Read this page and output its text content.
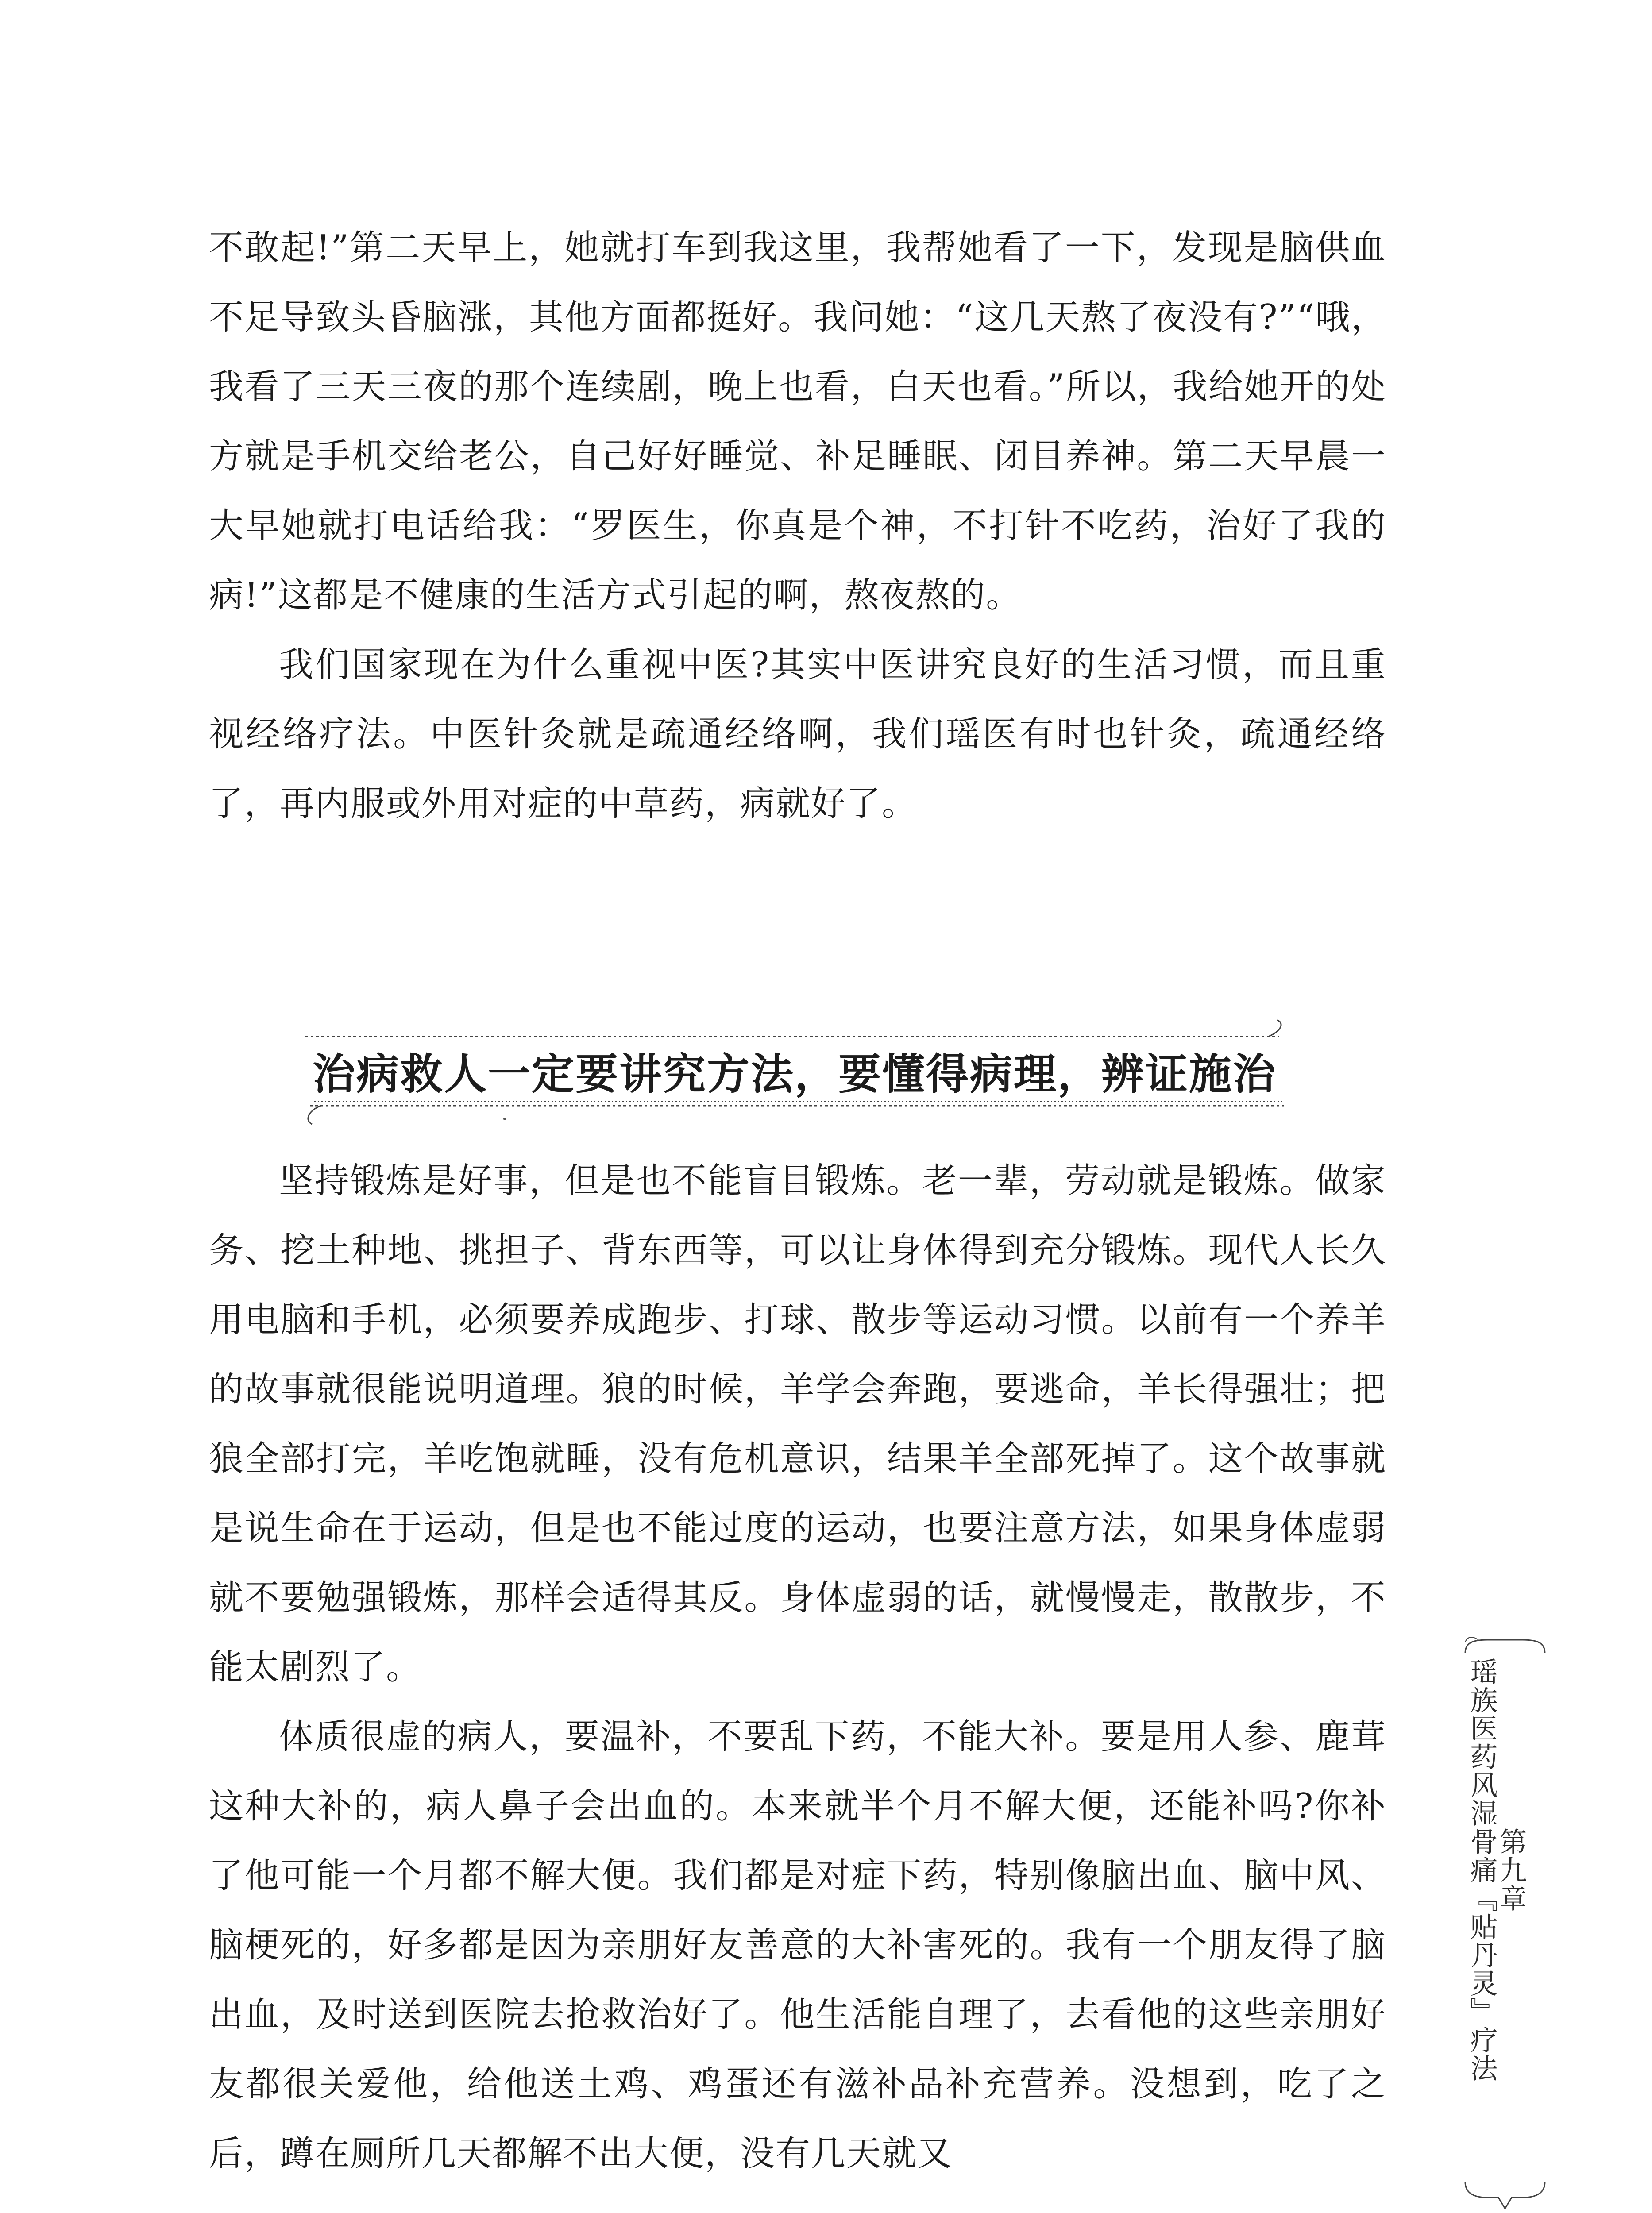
不敢起!”第二天早上，她就打车到我这里，我帮她看了一下，发现是脑供血不足导致头昏脑涨，其他方面都挺好。我问她：“这几天熬了夜没有?”“哦，我看了三天三夜的那个连续剧，晚上也看，白天也看。”所以，我给她开的处方就是手机交给老公，自己好好睡觉、补足睡眠、闭目养神。第二天早晨一大早她就打电话给我：“罗医生，你真是个神，不打针不吃药，治好了我的病!”这都是不健康的生活方式引起的啊，熬夜熬的。

我们国家现在为什么重视中医?其实中医讲究良好的生活习惯，而且重视经络疗法。中医针灸就是疏通经络啊，我们瑶医有时也针灸，疏通经络了，再内服或外用对症的中草药，病就好了。

治病救人一定要讲究方法，要懂得病理，辨证施治

坚持锻炼是好事，但是也不能盲目锻炼。老一辈，劳动就是锻炼。做家务、挖土种地、挑担子、背东西等，可以让身体得到充分锻炼。现代人长久用电脑和手机，必须要养成跑步、打球、散步等运动习惯。以前有一个养羊的故事就很能说明道理。狼的时候，羊学会奔跑，要逃命，羊长得强壮；把狼全部打完，羊吃饱就睡，没有危机意识，结果羊全部死掉了。这个故事就是说生命在于运动，但是也不能过度的运动，也要注意方法，如果身体虚弱就不要勉强锻炼，那样会适得其反。身体虚弱的话，就慢慢走，散散步，不能太剧烈了。

体质很虚的病人，要温补，不要乱下药，不能大补。要是用人参、鹿茸这种大补的，病人鼻子会出血的。本来就半个月不解大便，还能补吗?你补了他可能一个月都不解大便。我们都是对症下药，特别像脑出血、脑中风、脑梗死的，好多都是因为亲朋好友善意的大补害死的。我有一个朋友得了脑出血，及时送到医院去抢救治好了。他生活能自理了，去看他的这些亲朋好友都很关爱他，给他送土鸡、鸡蛋还有滋补品补充营养。没想到，吃了之后，蹲在厕所几天都解不出大便，没有几天就又

第九章
瑶族医药风湿骨痛『贴丹灵』疗法
